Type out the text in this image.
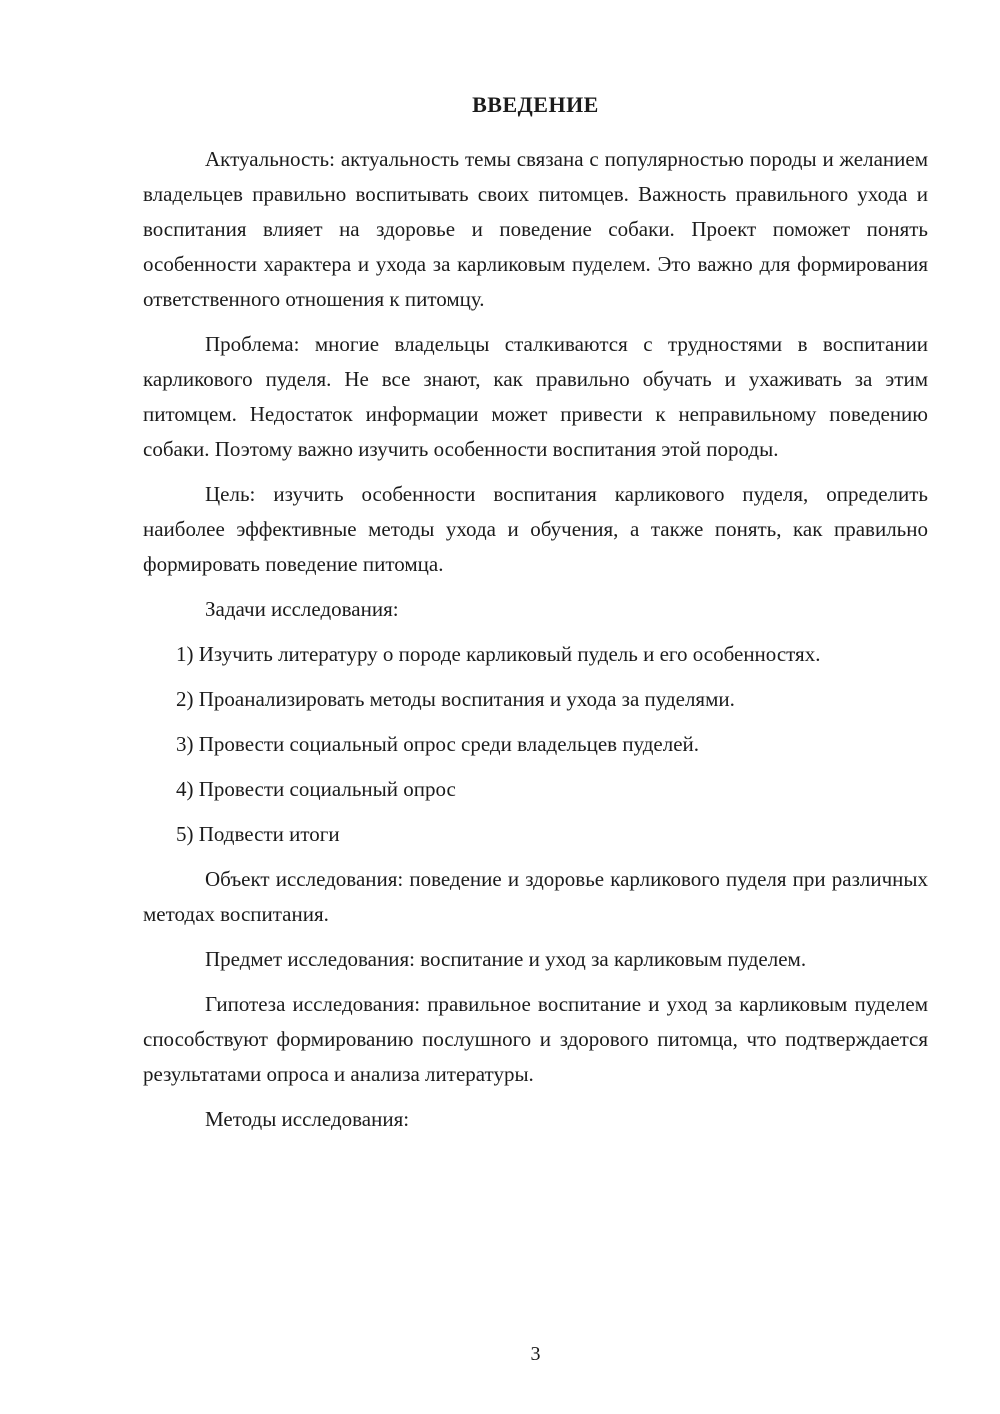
ВВЕДЕНИЕ

Актуальность: актуальность темы связана с популярностью породы и желанием владельцев правильно воспитывать своих питомцев. Важность правильного ухода и воспитания влияет на здоровье и поведение собаки. Проект поможет понять особенности характера и ухода за карликовым пуделем. Это важно для формирования ответственного отношения к питомцу.

Проблема: многие владельцы сталкиваются с трудностями в воспитании карликового пуделя. Не все знают, как правильно обучать и ухаживать за этим питомцем. Недостаток информации может привести к неправильному поведению собаки. Поэтому важно изучить особенности воспитания этой породы.

Цель: изучить особенности воспитания карликового пуделя, определить наиболее эффективные методы ухода и обучения, а также понять, как правильно формировать поведение питомца.

Задачи исследования:

1) Изучить литературу о породе карликовый пудель и его особенностях.

2) Проанализировать методы воспитания и ухода за пуделями.

3) Провести социальный опрос среди владельцев пуделей.

4) Провести социальный опрос

5) Подвести итоги

Объект исследования: поведение и здоровье карликового пуделя при различных методах воспитания.

Предмет исследования: воспитание и уход за карликовым пуделем.

Гипотеза исследования: правильное воспитание и уход за карликовым пуделем способствуют формированию послушного и здорового питомца, что подтверждается результатами опроса и анализа литературы.

Методы исследования:

3
